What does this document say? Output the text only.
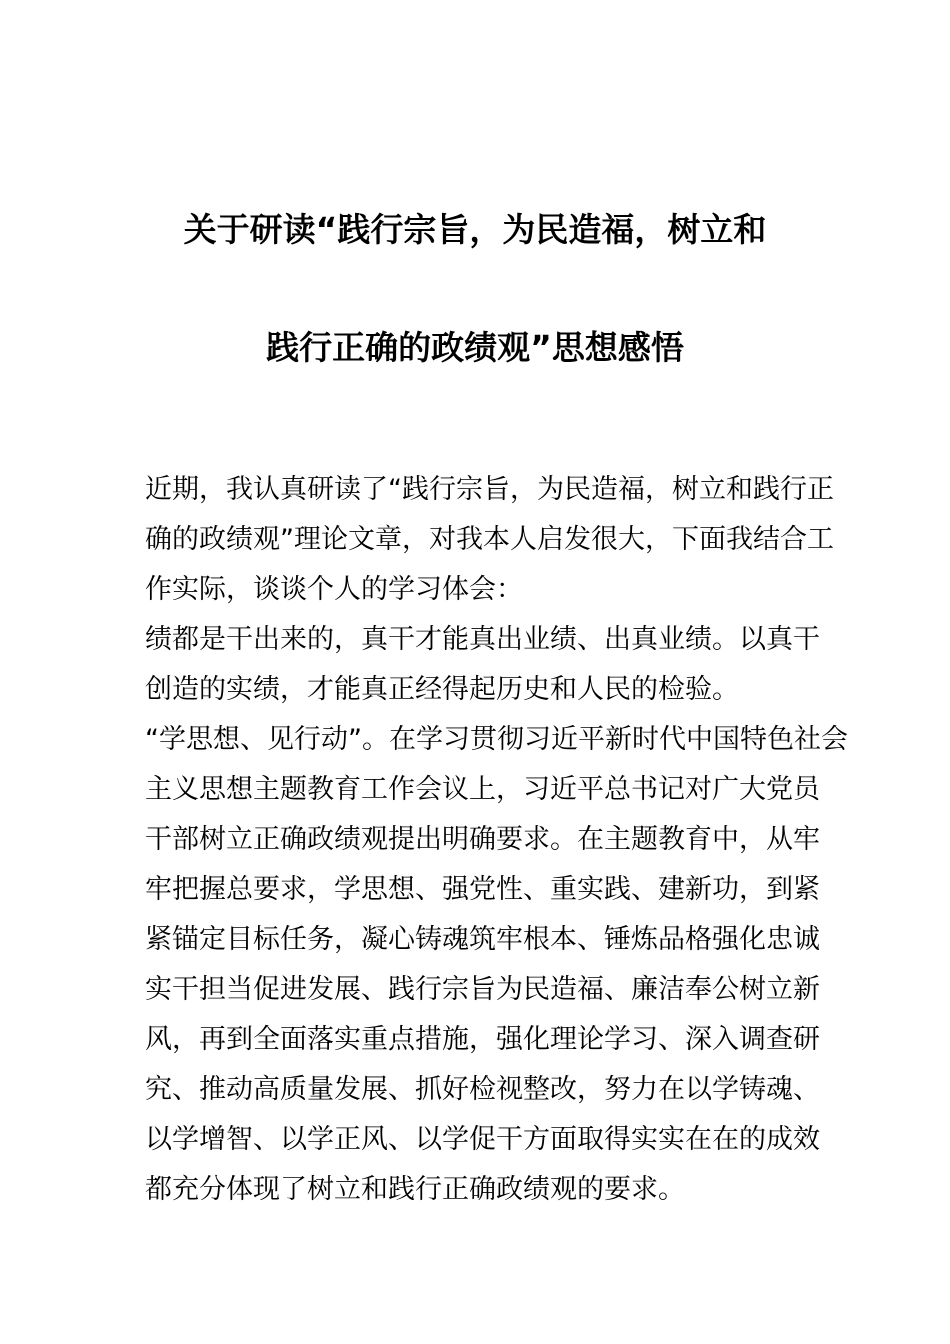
关于研读“践行宗旨，为民造福，树立和
践行正确的政绩观”思想感悟
近期，我认真研读了“践行宗旨，为民造福，树立和践行正
确的政绩观”理论文章，对我本人启发很大，下面我结合工
作实际，谈谈个人的学习体会：
绩都是干出来的，真干才能真出业绩、出真业绩。以真干
创造的实绩，才能真正经得起历史和人民的检验。
“学思想、见行动”。在学习贯彻习近平新时代中国特色社会
主义思想主题教育工作会议上，习近平总书记对广大党员
干部树立正确政绩观提出明确要求。在主题教育中，从牢
牢把握总要求，学思想、强党性、重实践、建新功，到紧
紧锚定目标任务，凝心铸魂筑牢根本、锤炼品格强化忠诚
实干担当促进发展、践行宗旨为民造福、廉洁奉公树立新
风，再到全面落实重点措施，强化理论学习、深入调查研
究、推动高质量发展、抓好检视整改，努力在以学铸魂、
以学增智、以学正风、以学促干方面取得实实在在的成效
都充分体现了树立和践行正确政绩观的要求。
